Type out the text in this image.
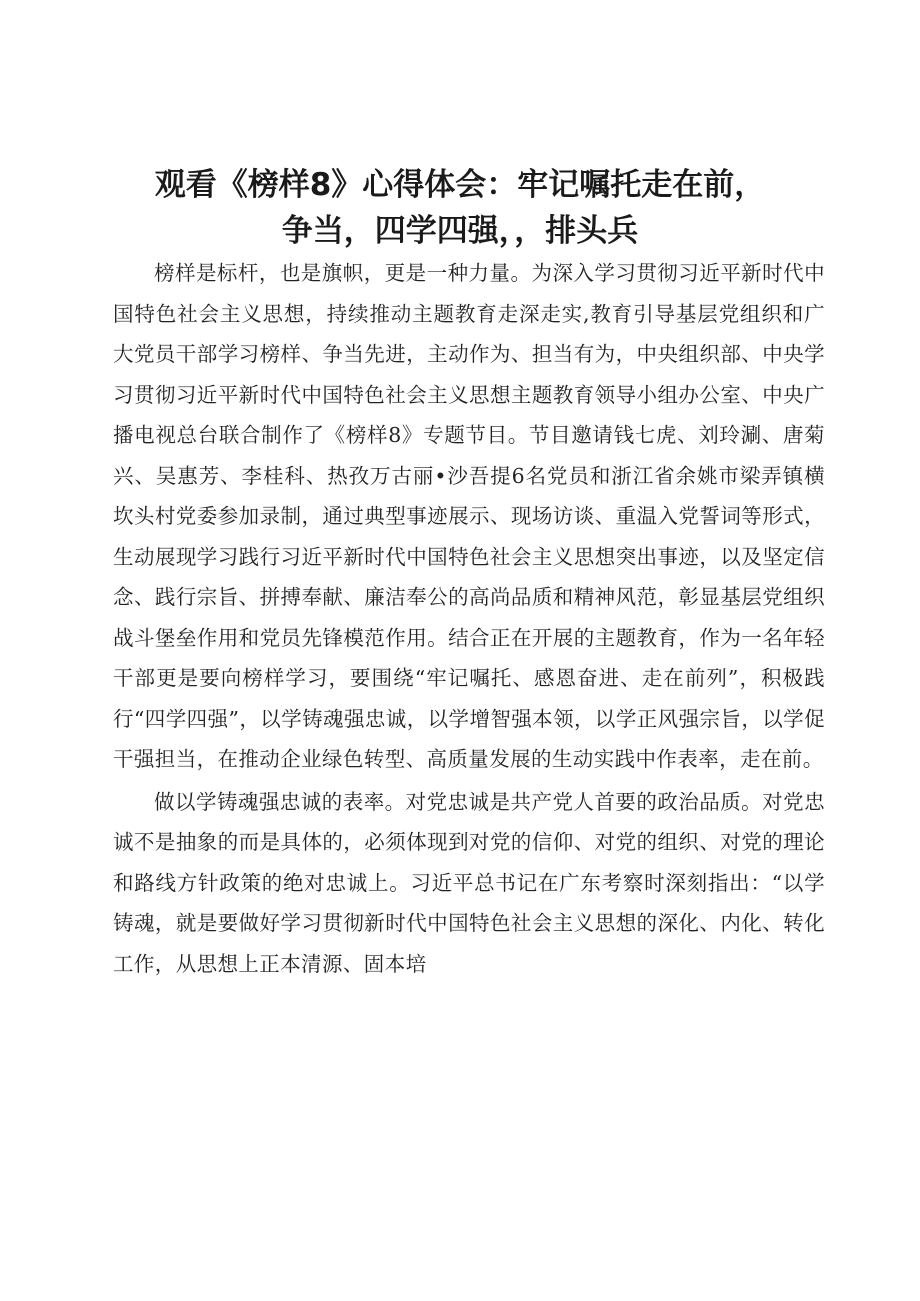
观看《榜样8》心得体会：牢记嘱托走在前，
争当，四学四强，，排头兵

榜样是标杆，也是旗帜，更是一种力量。为深入学习贯彻习近平新时代中国特色社会主义思想，持续推动主题教育走深走实,教育引导基层党组织和广大党员干部学习榜样、争当先进，主动作为、担当有为，中央组织部、中央学习贯彻习近平新时代中国特色社会主义思想主题教育领导小组办公室、中央广播电视总台联合制作了《榜样8》专题节目。节目邀请钱七虎、刘玲涮、唐菊兴、吴惠芳、李桂科、热孜万古丽•沙吾提6名党员和浙江省余姚市梁弄镇横坎头村党委参加录制，通过典型事迹展示、现场访谈、重温入党誓词等形式，生动展现学习践行习近平新时代中国特色社会主义思想突出事迹，以及坚定信念、践行宗旨、拼搏奉献、廉洁奉公的高尚品质和精神风范，彰显基层党组织战斗堡垒作用和党员先锋模范作用。结合正在开展的主题教育，作为一名年轻干部更是要向榜样学习，要围绕“牢记嘱托、感恩奋进、走在前列”，积极践行“四学四强”，以学铸魂强忠诚，以学增智强本领，以学正风强宗旨，以学促干强担当，在推动企业绿色转型、高质量发展的生动实践中作表率，走在前。

做以学铸魂强忠诚的表率。对党忠诚是共产党人首要的政治品质。对党忠诚不是抽象的而是具体的，必须体现到对党的信仰、对党的组织、对党的理论和路线方针政策的绝对忠诚上。习近平总书记在广东考察时深刻指出：“以学铸魂，就是要做好学习贯彻新时代中国特色社会主义思想的深化、内化、转化工作，从思想上正本清源、固本培
